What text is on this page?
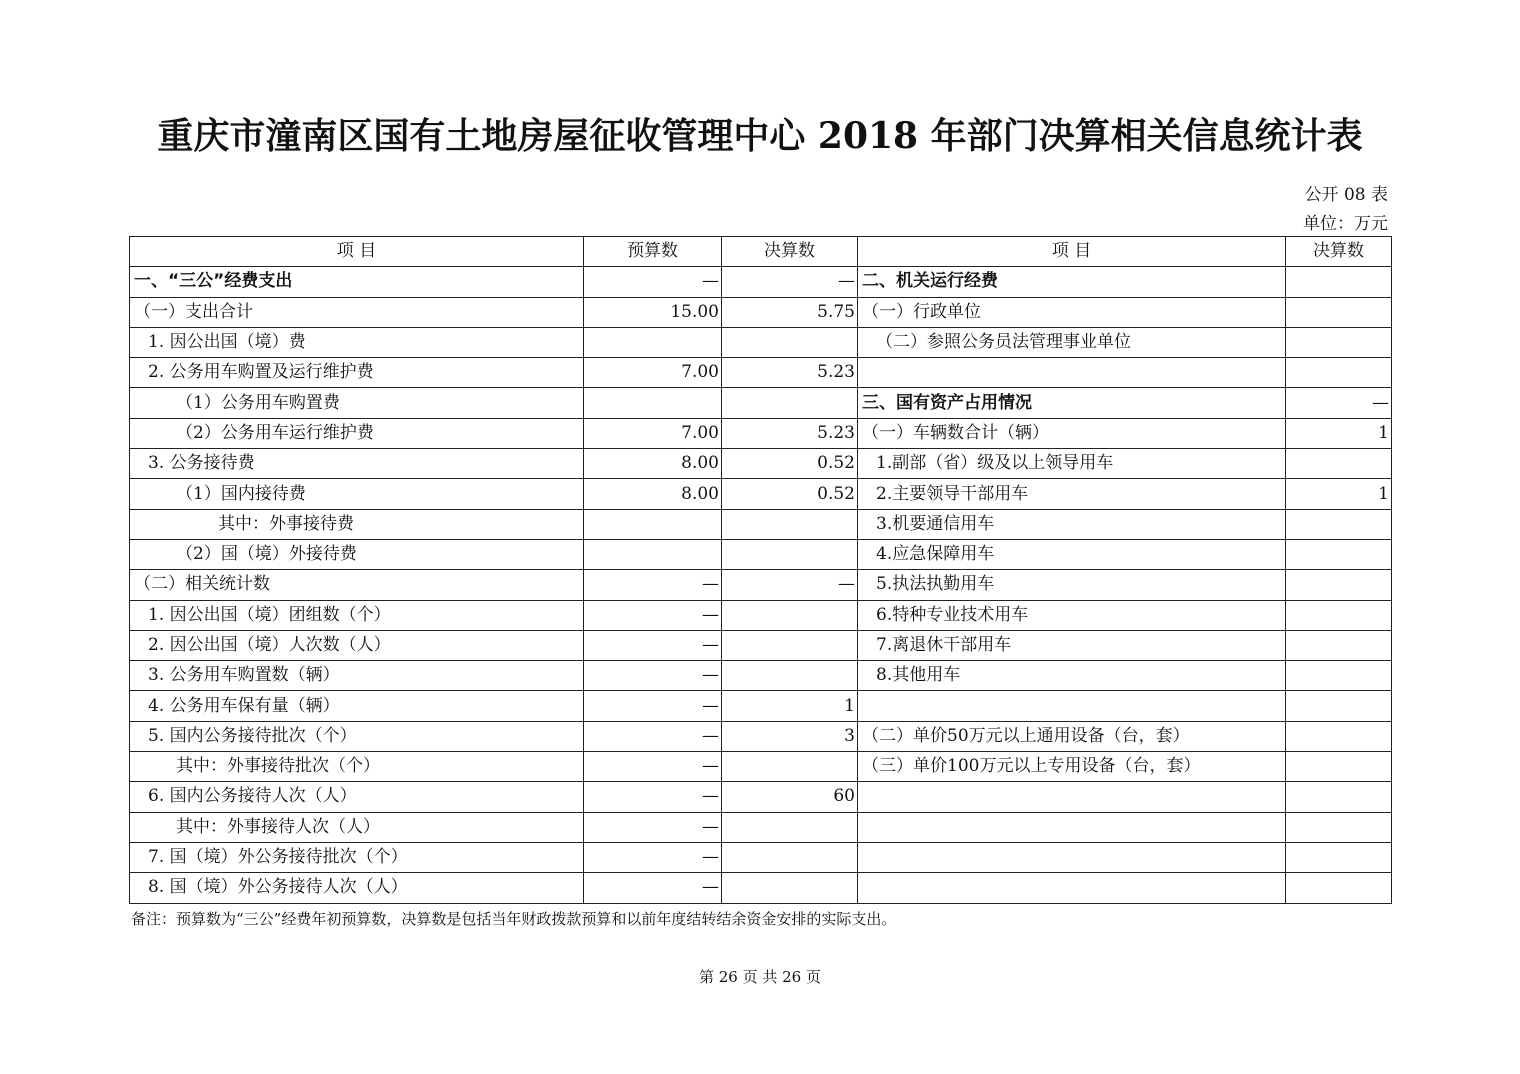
重庆市潼南区国有土地房屋征收管理中心 2018 年部门决算相关信息统计表
公开 08 表
单位：万元
项 目	预算数	决算数	项 目	决算数
一、“三公”经费支出	—	—	二、机关运行经费	
（一）支出合计	15.00	5.75	（一）行政单位	
1. 因公出国（境）费			（二）参照公务员法管理事业单位	
2. 公务用车购置及运行维护费	7.00	5.23		
（1）公务用车购置费			三、国有资产占用情况	—
（2）公务用车运行维护费	7.00	5.23	（一）车辆数合计（辆）	1
3. 公务接待费	8.00	0.52	1.副部（省）级及以上领导用车	
（1）国内接待费	8.00	0.52	2.主要领导干部用车	1
其中：外事接待费			3.机要通信用车	
（2）国（境）外接待费			4.应急保障用车	
（二）相关统计数	—	—	5.执法执勤用车	
1. 因公出国（境）团组数（个）	—		6.特种专业技术用车	
2. 因公出国（境）人次数（人）	—		7.离退休干部用车	
3. 公务用车购置数（辆）	—		8.其他用车	
4. 公务用车保有量（辆）	—	1		
5. 国内公务接待批次（个）	—	3	（二）单价50万元以上通用设备（台，套）	
其中：外事接待批次（个）	—		（三）单价100万元以上专用设备（台，套）	
6. 国内公务接待人次（人）	—	60		
其中：外事接待人次（人）	—			
7. 国（境）外公务接待批次（个）	—			
8. 国（境）外公务接待人次（人）	—			
备注：预算数为“三公”经费年初预算数，决算数是包括当年财政拨款预算和以前年度结转结余资金安排的实际支出。
第 26 页 共 26 页
